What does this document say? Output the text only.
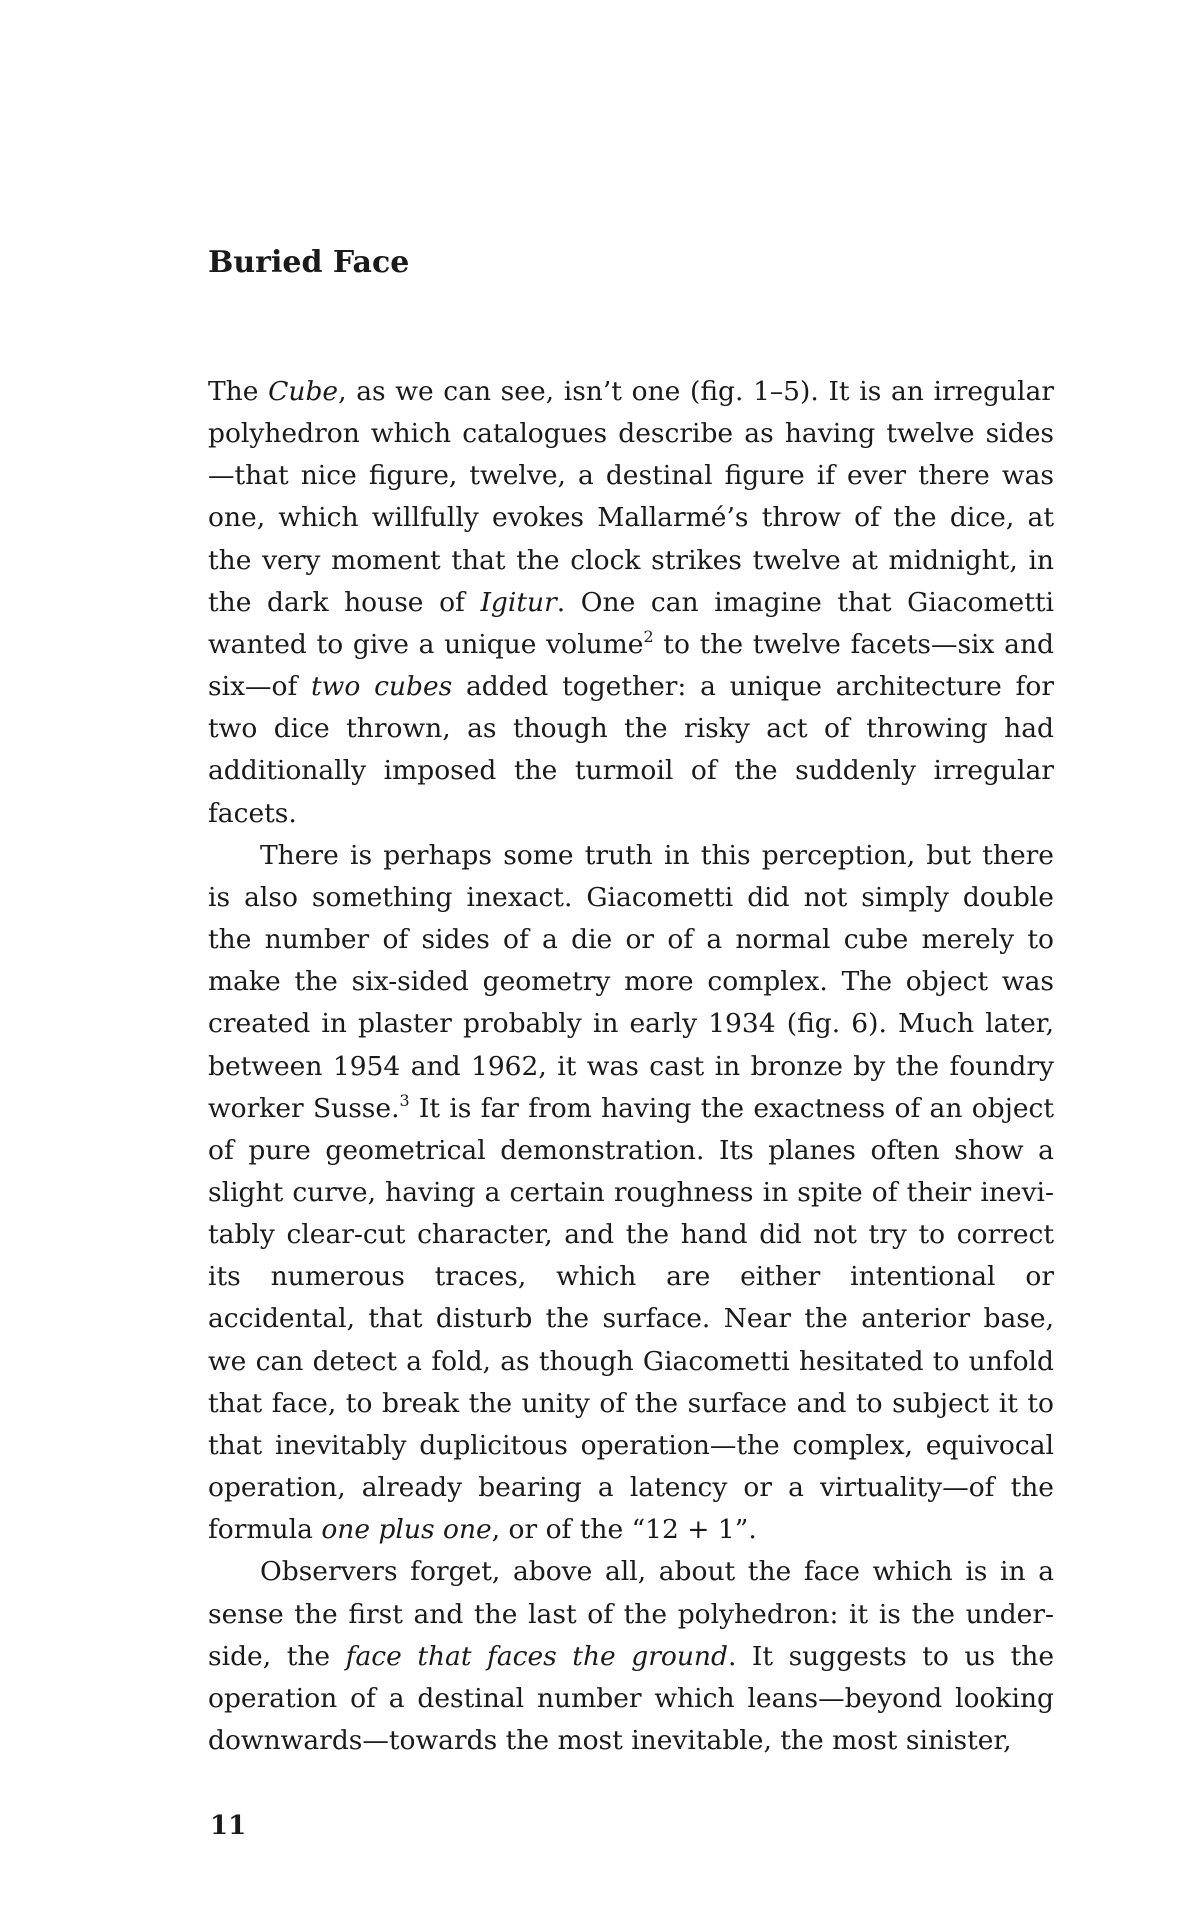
Buried Face

The Cube, as we can see, isn’t one (fig. 1–5). It is an irregular polyhedron which catalogues describe as having twelve sides—that nice figure, twelve, a destinal figure if ever there was one, which willfully evokes Mallarmé’s throw of the dice, at the very moment that the clock strikes twelve at midnight, in the dark house of Igitur. One can imagine that Giacometti wanted to give a unique volume$^2$ to the twelve facets—six and six—of two cubes added together: a unique architecture for two dice thrown, as though the risky act of throwing had additionally imposed the turmoil of the suddenly irregular facets.

There is perhaps some truth in this perception, but there is also something inexact. Giacometti did not simply double the number of sides of a die or of a normal cube merely to make the six-sided geometry more complex. The object was created in plaster probably in early 1934 (fig. 6). Much later, between 1954 and 1962, it was cast in bronze by the foundry worker Susse.$^3$ It is far from having the exactness of an object of pure geometrical demonstration. Its planes often show a slight curve, having a certain roughness in spite of their inevitably clear-cut character, and the hand did not try to correct its numerous traces, which are either intentional or accidental, that disturb the surface. Near the anterior base, we can detect a fold, as though Giacometti hesitated to unfold that face, to break the unity of the surface and to subject it to that inevitably duplicitous operation—the complex, equivocal operation, already bearing a latency or a virtuality—of the formula one plus one, or of the “12 + 1”.

Observers forget, above all, about the face which is in a sense the first and the last of the polyhedron: it is the underside, the face that faces the ground. It suggests to us the operation of a destinal number which leans—beyond looking downwards—towards the most inevitable, the most sinister,

11
